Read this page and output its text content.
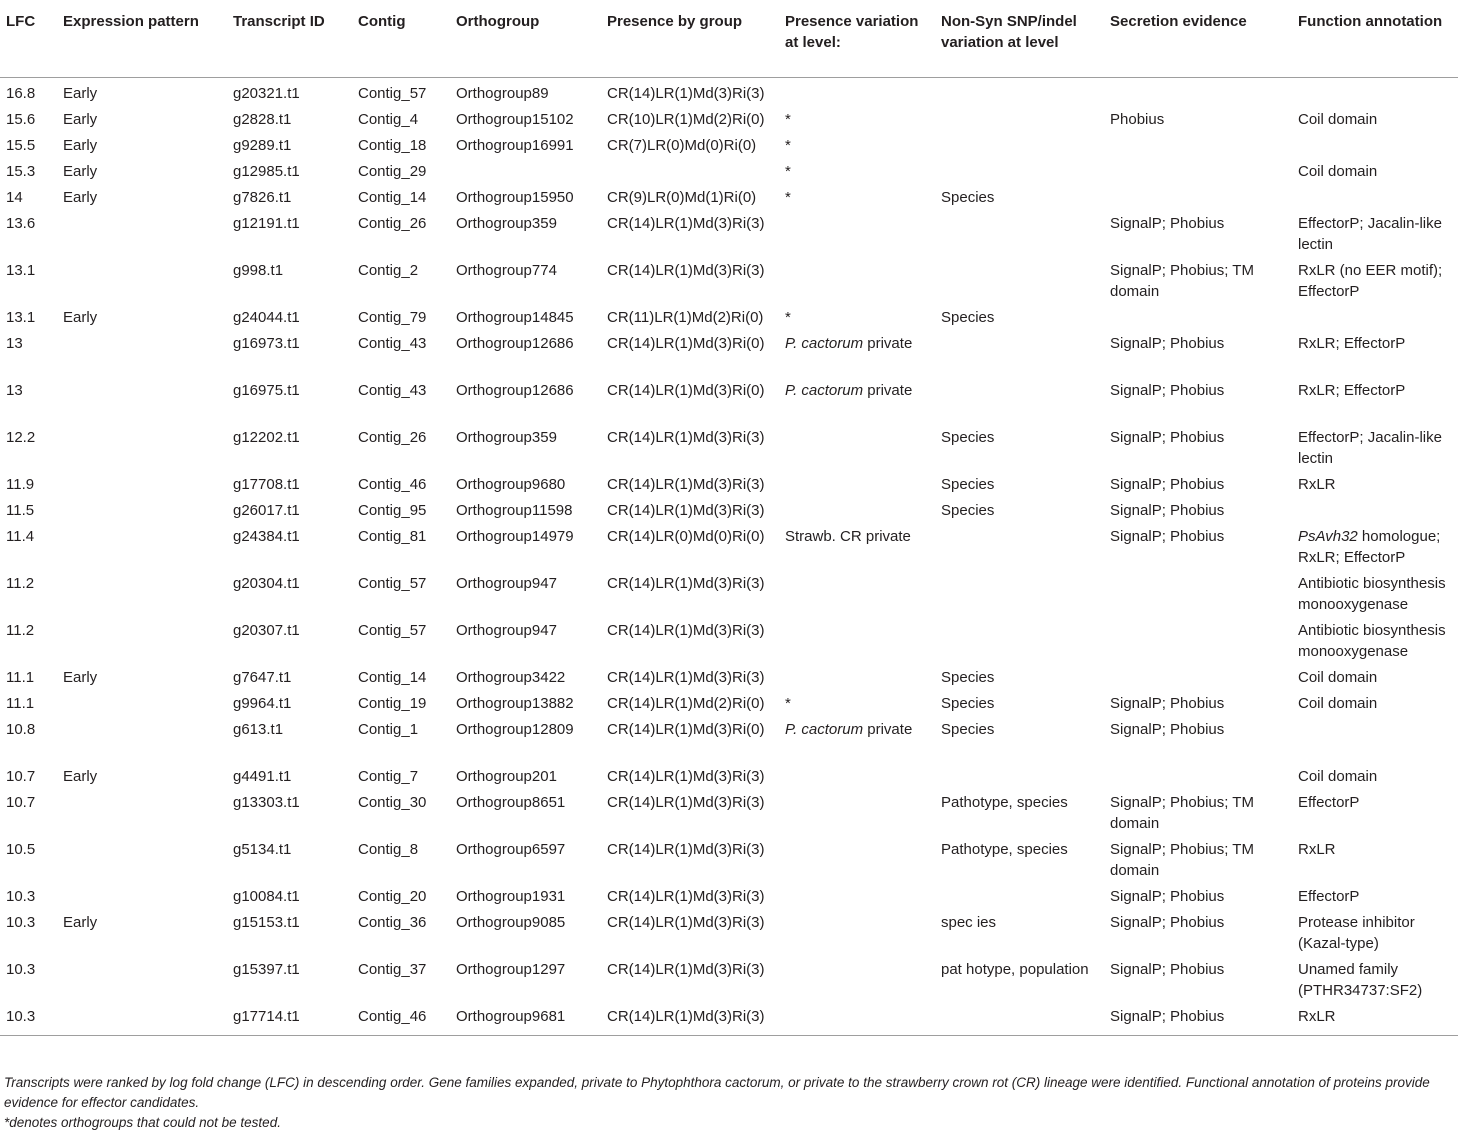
LFC	Expression pattern	Transcript ID	Contig	Orthogroup	Presence by group	Presence variation at level:	Non-Syn SNP/indel variation at level	Secretion evidence	Function annotation
16.8	Early	g20321.t1	Contig_57	Orthogroup89	CR(14)LR(1)Md(3)Ri(3)				
15.6	Early	g2828.t1	Contig_4	Orthogroup15102	CR(10)LR(1)Md(2)Ri(0)	*		Phobius	Coil domain
15.5	Early	g9289.t1	Contig_18	Orthogroup16991	CR(7)LR(0)Md(0)Ri(0)	*			
15.3	Early	g12985.t1	Contig_29			*			Coil domain
14	Early	g7826.t1	Contig_14	Orthogroup15950	CR(9)LR(0)Md(1)Ri(0)	*	Species		
13.6		g12191.t1	Contig_26	Orthogroup359	CR(14)LR(1)Md(3)Ri(3)			SignalP; Phobius	EffectorP; Jacalin-like lectin
13.1		g998.t1	Contig_2	Orthogroup774	CR(14)LR(1)Md(3)Ri(3)			SignalP; Phobius; TM domain	RxLR (no EER motif); EffectorP
13.1	Early	g24044.t1	Contig_79	Orthogroup14845	CR(11)LR(1)Md(2)Ri(0)	*	Species		
13		g16973.t1	Contig_43	Orthogroup12686	CR(14)LR(1)Md(3)Ri(0)	P. cactorum private		SignalP; Phobius	RxLR; EffectorP
13		g16975.t1	Contig_43	Orthogroup12686	CR(14)LR(1)Md(3)Ri(0)	P. cactorum private		SignalP; Phobius	RxLR; EffectorP
12.2		g12202.t1	Contig_26	Orthogroup359	CR(14)LR(1)Md(3)Ri(3)		Species	SignalP; Phobius	EffectorP; Jacalin-like lectin
11.9		g17708.t1	Contig_46	Orthogroup9680	CR(14)LR(1)Md(3)Ri(3)		Species	SignalP; Phobius	RxLR
11.5		g26017.t1	Contig_95	Orthogroup11598	CR(14)LR(1)Md(3)Ri(3)		Species	SignalP; Phobius	
11.4		g24384.t1	Contig_81	Orthogroup14979	CR(14)LR(0)Md(0)Ri(0)	Strawb. CR private		SignalP; Phobius	PsAvh32 homologue; RxLR; EffectorP
11.2		g20304.t1	Contig_57	Orthogroup947	CR(14)LR(1)Md(3)Ri(3)				Antibiotic biosynthesis monooxygenase
11.2		g20307.t1	Contig_57	Orthogroup947	CR(14)LR(1)Md(3)Ri(3)				Antibiotic biosynthesis monooxygenase
11.1	Early	g7647.t1	Contig_14	Orthogroup3422	CR(14)LR(1)Md(3)Ri(3)		Species		Coil domain
11.1		g9964.t1	Contig_19	Orthogroup13882	CR(14)LR(1)Md(2)Ri(0)	*	Species	SignalP; Phobius	Coil domain
10.8		g613.t1	Contig_1	Orthogroup12809	CR(14)LR(1)Md(3)Ri(0)	P. cactorum private	Species	SignalP; Phobius	
10.7	Early	g4491.t1	Contig_7	Orthogroup201	CR(14)LR(1)Md(3)Ri(3)				Coil domain
10.7		g13303.t1	Contig_30	Orthogroup8651	CR(14)LR(1)Md(3)Ri(3)		Pathotype, species	SignalP; Phobius; TM domain	EffectorP
10.5		g5134.t1	Contig_8	Orthogroup6597	CR(14)LR(1)Md(3)Ri(3)		Pathotype, species	SignalP; Phobius; TM domain	RxLR
10.3		g10084.t1	Contig_20	Orthogroup1931	CR(14)LR(1)Md(3)Ri(3)			SignalP; Phobius	EffectorP
10.3	Early	g15153.t1	Contig_36	Orthogroup9085	CR(14)LR(1)Md(3)Ri(3)		spec ies	SignalP; Phobius	Protease inhibitor (Kazal-type)
10.3		g15397.t1	Contig_37	Orthogroup1297	CR(14)LR(1)Md(3)Ri(3)		pat hotype, population	SignalP; Phobius	Unamed family (PTHR34737:SF2)
10.3		g17714.t1	Contig_46	Orthogroup9681	CR(14)LR(1)Md(3)Ri(3)			SignalP; Phobius	RxLR

Transcripts were ranked by log fold change (LFC) in descending order. Gene families expanded, private to Phytophthora cactorum, or private to the strawberry crown rot (CR) lineage were identified. Functional annotation of proteins provide evidence for effector candidates.

*denotes orthogroups that could not be tested.
